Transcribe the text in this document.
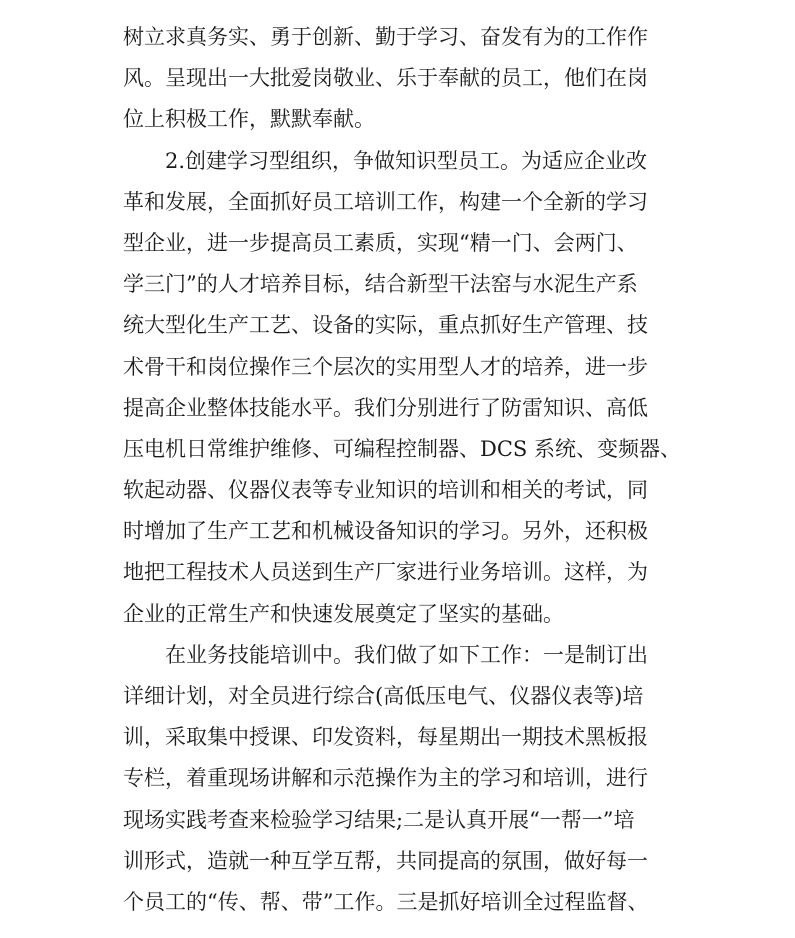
树立求真务实、勇于创新、勤于学习、奋发有为的工作作
风。呈现出一大批爱岗敬业、乐于奉献的员工，他们在岗
位上积极工作，默默奉献。
　　2.创建学习型组织，争做知识型员工。为适应企业改
革和发展，全面抓好员工培训工作，构建一个全新的学习
型企业，进一步提高员工素质，实现“精一门、会两门、
学三门”的人才培养目标，结合新型干法窑与水泥生产系
统大型化生产工艺、设备的实际，重点抓好生产管理、技
术骨干和岗位操作三个层次的实用型人才的培养，进一步
提高企业整体技能水平。我们分别进行了防雷知识、高低
压电机日常维护维修、可编程控制器、DCS 系统、变频器、
软起动器、仪器仪表等专业知识的培训和相关的考试，同
时增加了生产工艺和机械设备知识的学习。另外，还积极
地把工程技术人员送到生产厂家进行业务培训。这样，为
企业的正常生产和快速发展奠定了坚实的基础。
　　在业务技能培训中。我们做了如下工作：一是制订出
详细计划，对全员进行综合(高低压电气、仪器仪表等)培
训，采取集中授课、印发资料，每星期出一期技术黑板报
专栏，着重现场讲解和示范操作为主的学习和培训，进行
现场实践考查来检验学习结果;二是认真开展“一帮一”培
训形式，造就一种互学互帮，共同提高的氛围，做好每一
个员工的“传、帮、带”工作。三是抓好培训全过程监督、
